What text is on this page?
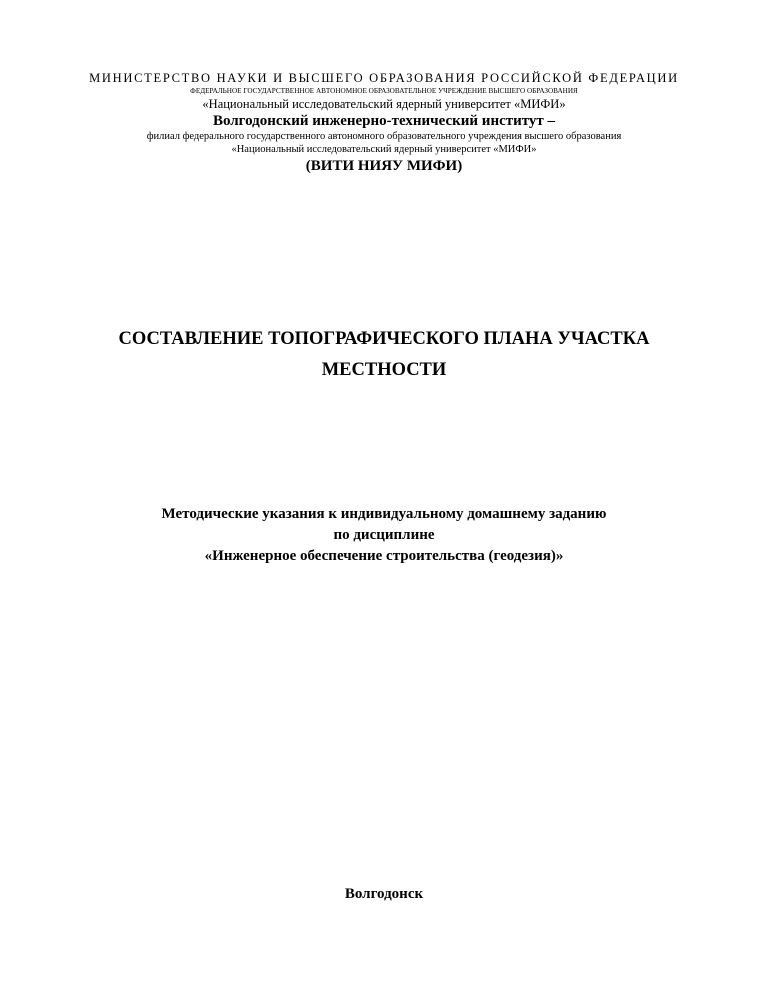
МИНИСТЕРСТВО НАУКИ И ВЫСШЕГО ОБРАЗОВАНИЯ РОССИЙСКОЙ ФЕДЕРАЦИИ
ФЕДЕРАЛЬНОЕ ГОСУДАРСТВЕННОЕ АВТОНОМНОЕ ОБРАЗОВАТЕЛЬНОЕ УЧРЕЖДЕНИЕ ВЫСШЕГО ОБРАЗОВАНИЯ
«Национальный исследовательский ядерный университет «МИФИ»
Волгодонский инженерно-технический институт –
филиал федерального государственного автономного образовательного учреждения высшего образования
«Национальный исследовательский ядерный университет «МИФИ»
(ВИТИ НИЯУ МИФИ)
СОСТАВЛЕНИЕ ТОПОГРАФИЧЕСКОГО ПЛАНА УЧАСТКА
МЕСТНОСТИ
Методические указания к индивидуальному домашнему заданию
по дисциплине
«Инженерное обеспечение строительства (геодезия)»
Волгодонск
